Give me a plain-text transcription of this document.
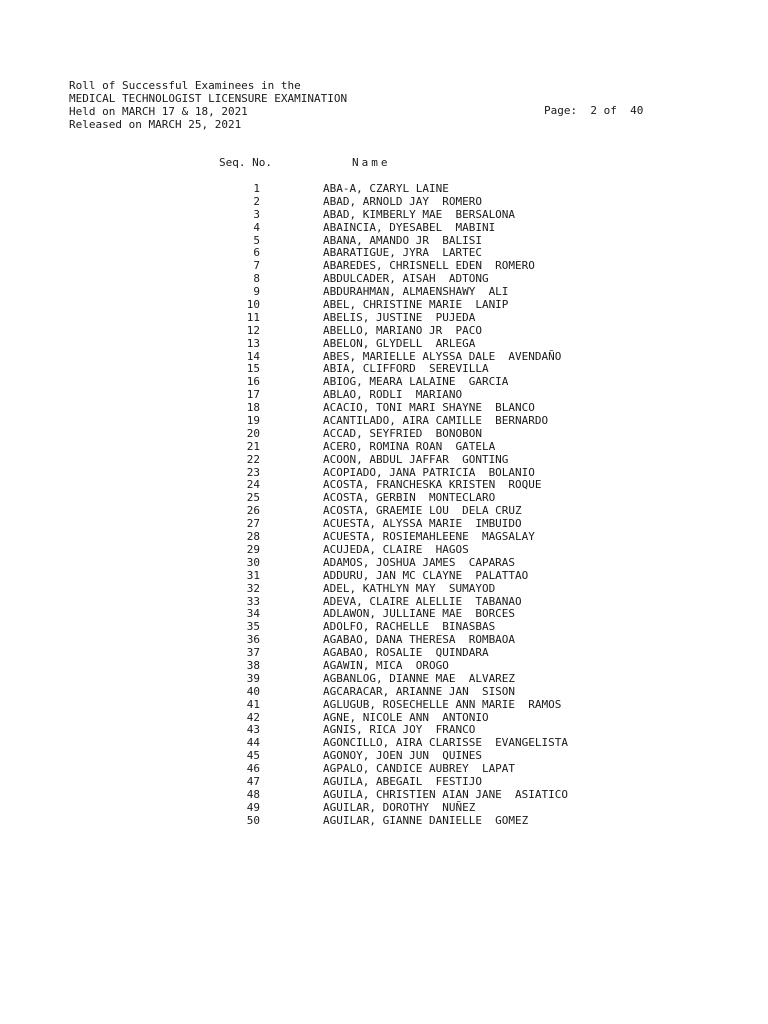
Roll of Successful Examinees in the
MEDICAL TECHNOLOGIST LICENSURE EXAMINATION
Held on MARCH 17 & 18, 2021
Released on MARCH 25, 2021
Page:  2 of  40
Seq. No.	Name
1	ABA-A, CZARYL LAINE
2	ABAD, ARNOLD JAY  ROMERO
3	ABAD, KIMBERLY MAE  BERSALONA
4	ABAINCIA, DYESABEL  MABINI
5	ABANA, AMANDO JR  BALISI
6	ABARATIGUE, JYRA  LARTEC
7	ABAREDES, CHRISNELL EDEN  ROMERO
8	ABDULCADER, AISAH  ADTONG
9	ABDURAHMAN, ALMAENSHAWY  ALI
10	ABEL, CHRISTINE MARIE  LANIP
11	ABELIS, JUSTINE  PUJEDA
12	ABELLO, MARIANO JR  PACO
13	ABELON, GLYDELL  ARLEGA
14	ABES, MARIELLE ALYSSA DALE  AVENDAÑO
15	ABIA, CLIFFORD  SEREVILLA
16	ABIOG, MEARA LALAINE  GARCIA
17	ABLAO, RODLI  MARIANO
18	ACACIO, TONI MARI SHAYNE  BLANCO
19	ACANTILADO, AIRA CAMILLE  BERNARDO
20	ACCAD, SEYFRIED  BONOBON
21	ACERO, ROMINA ROAN  GATELA
22	ACOON, ABDUL JAFFAR  GONTING
23	ACOPIADO, JANA PATRICIA  BOLANIO
24	ACOSTA, FRANCHESKA KRISTEN  ROQUE
25	ACOSTA, GERBIN  MONTECLARO
26	ACOSTA, GRAEMIE LOU  DELA CRUZ
27	ACUESTA, ALYSSA MARIE  IMBUIDO
28	ACUESTA, ROSIEMAHLEENE  MAGSALAY
29	ACUJEDA, CLAIRE  HAGOS
30	ADAMOS, JOSHUA JAMES  CAPARAS
31	ADDURU, JAN MC CLAYNE  PALATTAO
32	ADEL, KATHLYN MAY  SUMAYOD
33	ADEVA, CLAIRE ALELLIE  TABANAO
34	ADLAWON, JULLIANE MAE  BORCES
35	ADOLFO, RACHELLE  BINASBAS
36	AGABAO, DANA THERESA  ROMBAOA
37	AGABAO, ROSALIE  QUINDARA
38	AGAWIN, MICA  OROGO
39	AGBANLOG, DIANNE MAE  ALVAREZ
40	AGCARACAR, ARIANNE JAN  SISON
41	AGLUGUB, ROSECHELLE ANN MARIE  RAMOS
42	AGNE, NICOLE ANN  ANTONIO
43	AGNIS, RICA JOY  FRANCO
44	AGONCILLO, AIRA CLARISSE  EVANGELISTA
45	AGONOY, JOEN JUN  QUINES
46	AGPALO, CANDICE AUBREY  LAPAT
47	AGUILA, ABEGAIL  FESTIJO
48	AGUILA, CHRISTIEN AIAN JANE  ASIATICO
49	AGUILAR, DOROTHY  NUÑEZ
50	AGUILAR, GIANNE DANIELLE  GOMEZ
